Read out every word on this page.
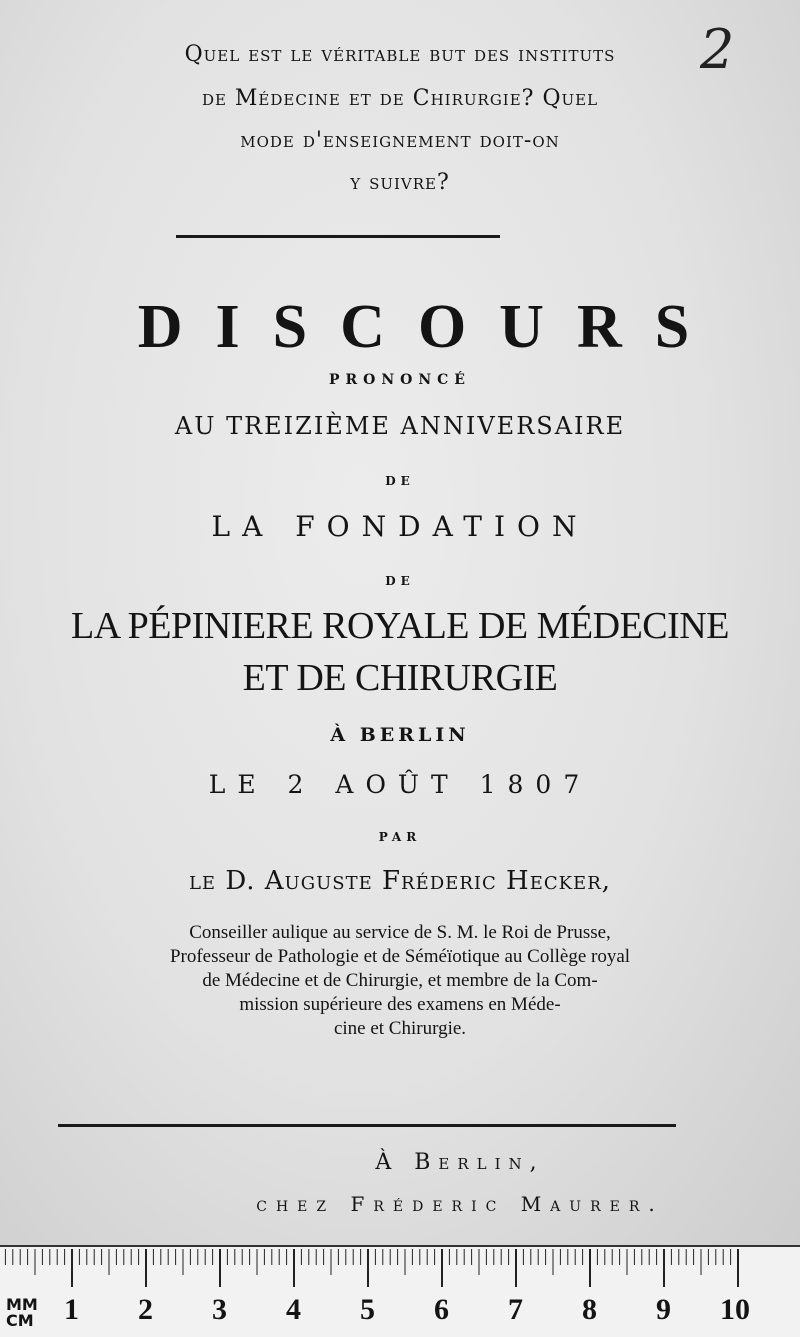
2
Quel est le véritable but des instituts
de Médecine et de Chirurgie? Quel
mode d'enseignement doit-on
y suivre?
DISCOURS
PRONONCÉ
AU TREIZIÈME ANNIVERSAIRE
DE
LA FONDATION
DE
LA PÉPINIERE ROYALE DE MÉDECINE
ET DE CHIRURGIE
À BERLIN
LE 2 AOÛT 1807
PAR
le D. Auguste Fréderic Hecker,
Conseiller aulique au service de S. M. le Roi de Prusse,
Professeur de Pathologie et de Séméïotique au Collège royal
de Médecine et de Chirurgie, et membre de la Com-
mission supérieure des examens en Méde-
cine et Chirurgie.
À Berlin,
chez Fréderic Maurer.
MM
CM 1 2 3 4 5 6 7 8 9 10
